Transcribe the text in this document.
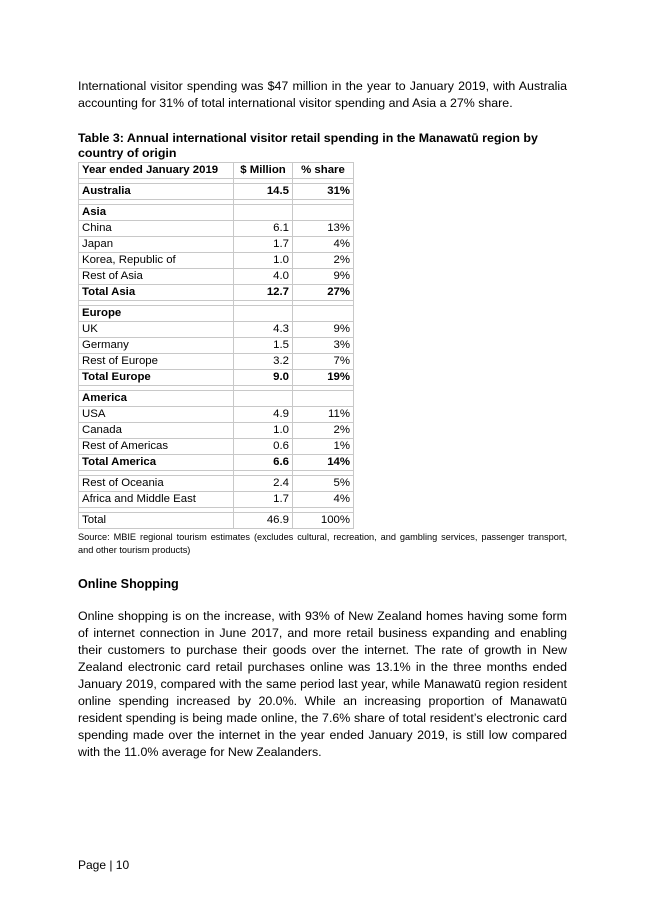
International visitor spending was $47 million in the year to January 2019, with Australia accounting for 31% of total international visitor spending and Asia a 27% share.

Table 3: Annual international visitor retail spending in the Manawatū region by country of origin

Year ended January 2019	$ Million	% share

Australia	14.5	31%

Asia		
China	6.1	13%
Japan	1.7	4%
Korea, Republic of	1.0	2%
Rest of Asia	4.0	9%
Total Asia	12.7	27%

Europe		
UK	4.3	9%
Germany	1.5	3%
Rest of Europe	3.2	7%
Total Europe	9.0	19%

America		
USA	4.9	11%
Canada	1.0	2%
Rest of Americas	0.6	1%
Total America	6.6	14%

Rest of Oceania	2.4	5%
Africa and Middle East	1.7	4%

Total	46.9	100%

Source: MBIE regional tourism estimates (excludes cultural, recreation, and gambling services, passenger transport, and other tourism products)

Online Shopping

Online shopping is on the increase, with 93% of New Zealand homes having some form of internet connection in June 2017, and more retail business expanding and enabling their customers to purchase their goods over the internet. The rate of growth in New Zealand electronic card retail purchases online was 13.1% in the three months ended January 2019, compared with the same period last year, while Manawatū region resident online spending increased by 20.0%. While an increasing proportion of Manawatū resident spending is being made online, the 7.6% share of total resident’s electronic card spending made over the internet in the year ended January 2019, is still low compared with the 11.0% average for New Zealanders.

Page | 10
